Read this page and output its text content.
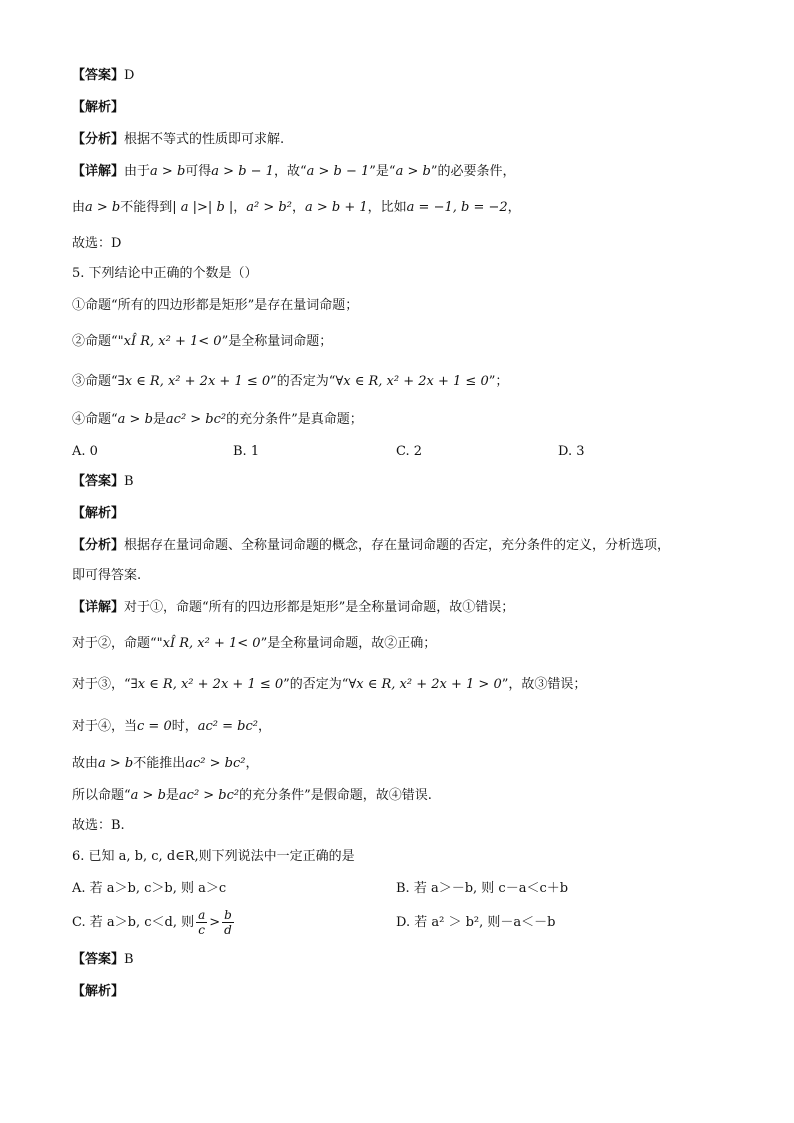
【答案】D
【解析】
【分析】根据不等式的性质即可求解.
【详解】由于a > b可得a > b − 1，故“a > b − 1”是“a > b”的必要条件，
由a > b不能得到| a |>| b |，a² > b²，a > b + 1，比如a = −1, b = −2，
故选：D
5. 下列结论中正确的个数是（）
①命题“所有的四边形都是矩形”是存在量词命题；
②命题“"xÎ R, x² + 1< 0”是全称量词命题；
③命题“∃x ∈ R, x² + 2x + 1 ≤ 0”的否定为“∀x ∈ R, x² + 2x + 1 ≤ 0”；
④命题“a > b是ac² > bc²的充分条件”是真命题；
A. 0	B. 1	C. 2	D. 3
【答案】B
【解析】
【分析】根据存在量词命题、全称量词命题的概念，存在量词命题的否定，充分条件的定义，分析选项，
即可得答案.
【详解】对于①，命题“所有的四边形都是矩形”是全称量词命题，故①错误；
对于②，命题“"xÎ R, x² + 1< 0”是全称量词命题，故②正确；
对于③，“∃x ∈ R, x² + 2x + 1 ≤ 0”的否定为“∀x ∈ R, x² + 2x + 1 > 0”，故③错误；
对于④，当c = 0时，ac² = bc²，
故由a > b不能推出ac² > bc²，
所以命题“a > b是ac² > bc²的充分条件”是假命题，故④错误.
故选：B.
6. 已知 a, b, c, d∈R,则下列说法中一定正确的是
A. 若 a＞b, c＞b, 则 a＞c	B. 若 a＞－b, 则 c－a＜c＋b
C. 若 a＞b, c＜d, 则 $\frac{a}{c} > \frac{b}{d}$	D. 若 a² ＞ b², 则－a＜－b
【答案】B
【解析】
